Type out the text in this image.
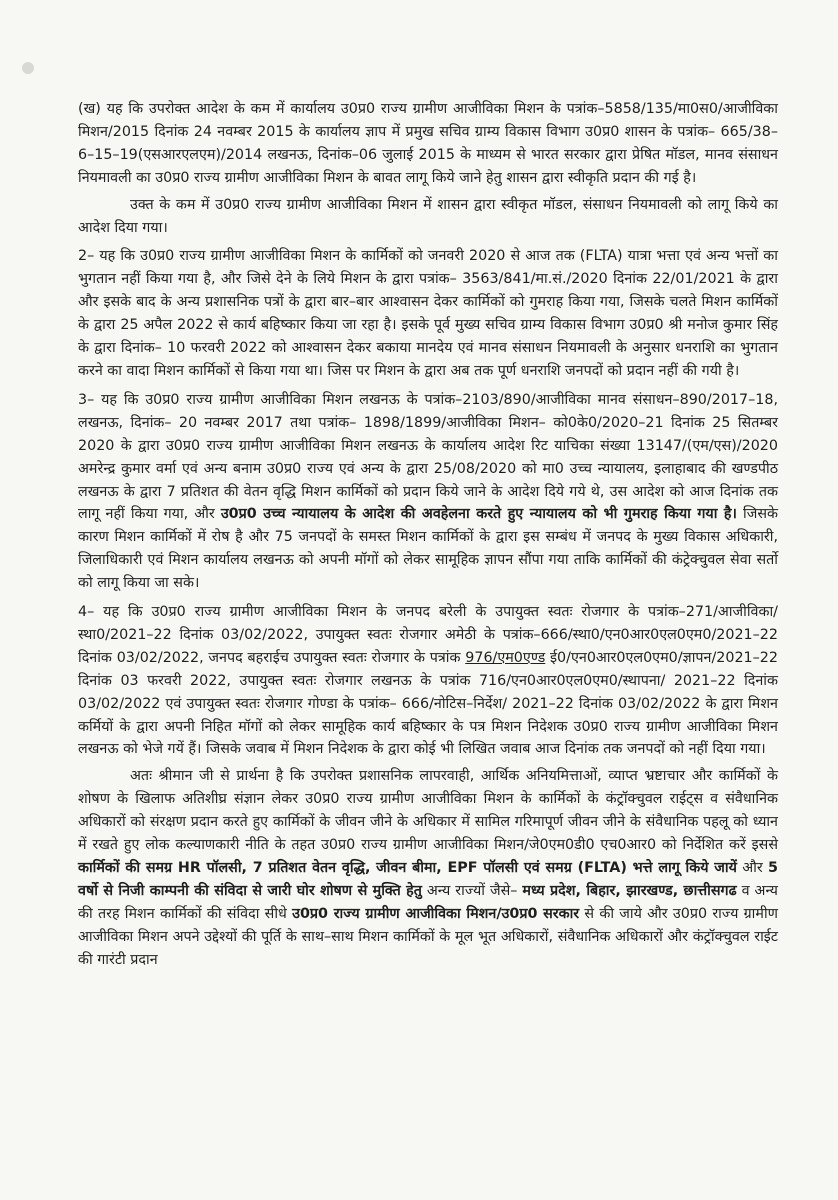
(ख) यह कि उपरोक्त आदेश के कम में कार्यालय उ0प्र0 राज्य ग्रामीण आजीविका मिशन के पत्रांक–5858/135/मा0स0/आजीविका मिशन/2015 दिनांक 24 नवम्बर 2015 के कार्यालय ज्ञाप में प्रमुख सचिव ग्राम्य विकास विभाग उ0प्र0 शासन के पत्रांक– 665/38–6–15–19(एसआरएलएम)/2014 लखनऊ, दिनांक–06 जुलाई 2015 के माध्यम से भारत सरकार द्वारा प्रेषित मॉडल, मानव संसाधन नियमावली का उ0प्र0 राज्य ग्रामीण आजीविका मिशन के बावत लागू किये जाने हेतु शासन द्वारा स्वीकृति प्रदान की गई है।

उक्त के कम में उ0प्र0 राज्य ग्रामीण आजीविका मिशन में शासन द्वारा स्वीकृत मॉडल, संसाधन नियमावली को लागू किये का आदेश दिया गया।

2– यह कि उ0प्र0 राज्य ग्रामीण आजीविका मिशन के कार्मिकों को जनवरी 2020 से आज तक (FLTA) यात्रा भत्ता एवं अन्य भत्तों का भुगतान नहीं किया गया है, और जिसे देने के लिये मिशन के द्वारा पत्रांक– 3563/841/मा.सं./2020 दिनांक 22/01/2021 के द्वारा और इसके बाद के अन्य प्रशासनिक पत्रों के द्वारा बार–बार आश्वासन देकर कार्मिकों को गुमराह किया गया, जिसके चलते मिशन कार्मिकों के द्वारा 25 अपैल 2022 से कार्य बहिष्कार किया जा रहा है। इसके पूर्व मुख्य सचिव ग्राम्य विकास विभाग उ0प्र0 श्री मनोज कुमार सिंह के द्वारा दिनांक– 10 फरवरी 2022 को आश्वासन देकर बकाया मानदेय एवं मानव संसाधन नियमावली के अनुसार धनराशि का भुगतान करने का वादा मिशन कार्मिकों से किया गया था। जिस पर मिशन के द्वारा अब तक पूर्ण धनराशि जनपदों को प्रदान नहीं की गयी है।

3– यह कि उ0प्र0 राज्य ग्रामीण आजीविका मिशन लखनऊ के पत्रांक–2103/890/आजीविका मानव संसाधन–890/2017–18, लखनऊ, दिनांक– 20 नवम्बर 2017 तथा पत्रांक– 1898/1899/आजीविका मिशन– को0के0/2020–21 दिनांक 25 सितम्बर 2020 के द्वारा उ0प्र0 राज्य ग्रामीण आजीविका मिशन लखनऊ के कार्यालय आदेश रिट याचिका संख्या 13147/(एम/एस)/2020 अमरेन्द्र कुमार वर्मा एवं अन्य बनाम उ0प्र0 राज्य एवं अन्य के द्वारा 25/08/2020 को मा0 उच्च न्यायालय, इलाहाबाद की खण्डपीठ लखनऊ के द्वारा 7 प्रतिशत की वेतन वृद्धि मिशन कार्मिकों को प्रदान किये जाने के आदेश दिये गये थे, उस आदेश को आज दिनांक तक लागू नहीं किया गया, और उ0प्र0 उच्च न्यायालय के आदेश की अवहेलना करते हुए न्यायालय को भी गुमराह किया गया है। जिसके कारण मिशन कार्मिकों में रोष है और 75 जनपदों के समस्त मिशन कार्मिकों के द्वारा इस सम्बंध में जनपद के मुख्य विकास अधिकारी, जिलाधिकारी एवं मिशन कार्यालय लखनऊ को अपनी मॉगों को लेकर सामूहिक ज्ञापन सौंपा गया ताकि कार्मिकों की कंट्रेक्चुवल सेवा सर्तो को लागू किया जा सके।

4– यह कि उ0प्र0 राज्य ग्रामीण आजीविका मिशन के जनपद बरेली के उपायुक्त स्वतः रोजगार के पत्रांक–271/आजीविका/स्था0/2021–22 दिनांक 03/02/2022, उपायुक्त स्वतः रोजगार अमेठी के पत्रांक–666/स्था0/एन0आर0एल0एम0/2021–22 दिनांक 03/02/2022, जनपद बहराईच उपायुक्त स्वतः रोजगार के पत्रांक 976/एम0एण्ड ई0/एन0आर0एल0एम0/ज्ञापन/2021–22 दिनांक 03 फरवरी 2022, उपायुक्त स्वतः रोजगार लखनऊ के पत्रांक 716/एन0आर0एल0एम0/स्थापना/ 2021–22 दिनांक 03/02/2022 एवं उपायुक्त स्वतः रोजगार गोण्डा के पत्रांक– 666/नोटिस–निर्देश/ 2021–22 दिनांक 03/02/2022 के द्वारा मिशन कर्मियों के द्वारा अपनी निहित मॉगों को लेकर सामूहिक कार्य बहिष्कार के पत्र मिशन निदेशक उ0प्र0 राज्य ग्रामीण आजीविका मिशन लखनऊ को भेजे गयें हैं। जिसके जवाब में मिशन निदेशक के द्वारा कोई भी लिखित जवाब आज दिनांक तक जनपदों को नहीं दिया गया।

अतः श्रीमान जी से प्रार्थना है कि उपरोक्त प्रशासनिक लापरवाही, आर्थिक अनियमित्ताओं, व्याप्त भ्रष्टाचार और कार्मिकों के शोषण के खिलाफ अतिशीघ्र संज्ञान लेकर उ0प्र0 राज्य ग्रामीण आजीविका मिशन के कार्मिकों के कंट्रॉक्चुवल राईट्स व संवैधानिक अधिकारों को संरक्षण प्रदान करते हुए कार्मिकों के जीवन जीने के अधिकार में सामिल गरिमापूर्ण जीवन जीने के संवैधानिक पहलू को ध्यान में रखते हुए लोक कल्याणकारी नीति के तहत उ0प्र0 राज्य ग्रामीण आजीविका मिशन/जे0एम0डी0 एच0आर0 को निर्देशित करें इससे कार्मिकों की समग्र HR पॉलसी, 7 प्रतिशत वेतन वृद्धि, जीवन बीमा, EPF पॉलसी एवं समग्र (FLTA) भत्ते लागू किये जायें और 5 वर्षो से निजी काम्पनी की संविदा से जारी घोर शोषण से मुक्ति हेतु अन्य राज्यों जैसे– मध्य प्रदेश, बिहार, झारखण्ड, छात्तीसगढ व अन्य की तरह मिशन कार्मिकों की संविदा सीधे उ0प्र0 राज्य ग्रामीण आजीविका मिशन/उ0प्र0 सरकार से की जाये और उ0प्र0 राज्य ग्रामीण आजीविका मिशन अपने उद्देश्यों की पूर्ति के साथ–साथ मिशन कार्मिकों के मूल भूत अधिकारों, संवैधानिक अधिकारों और कंट्रॉक्चुवल राईट की गारंटी प्रदान
